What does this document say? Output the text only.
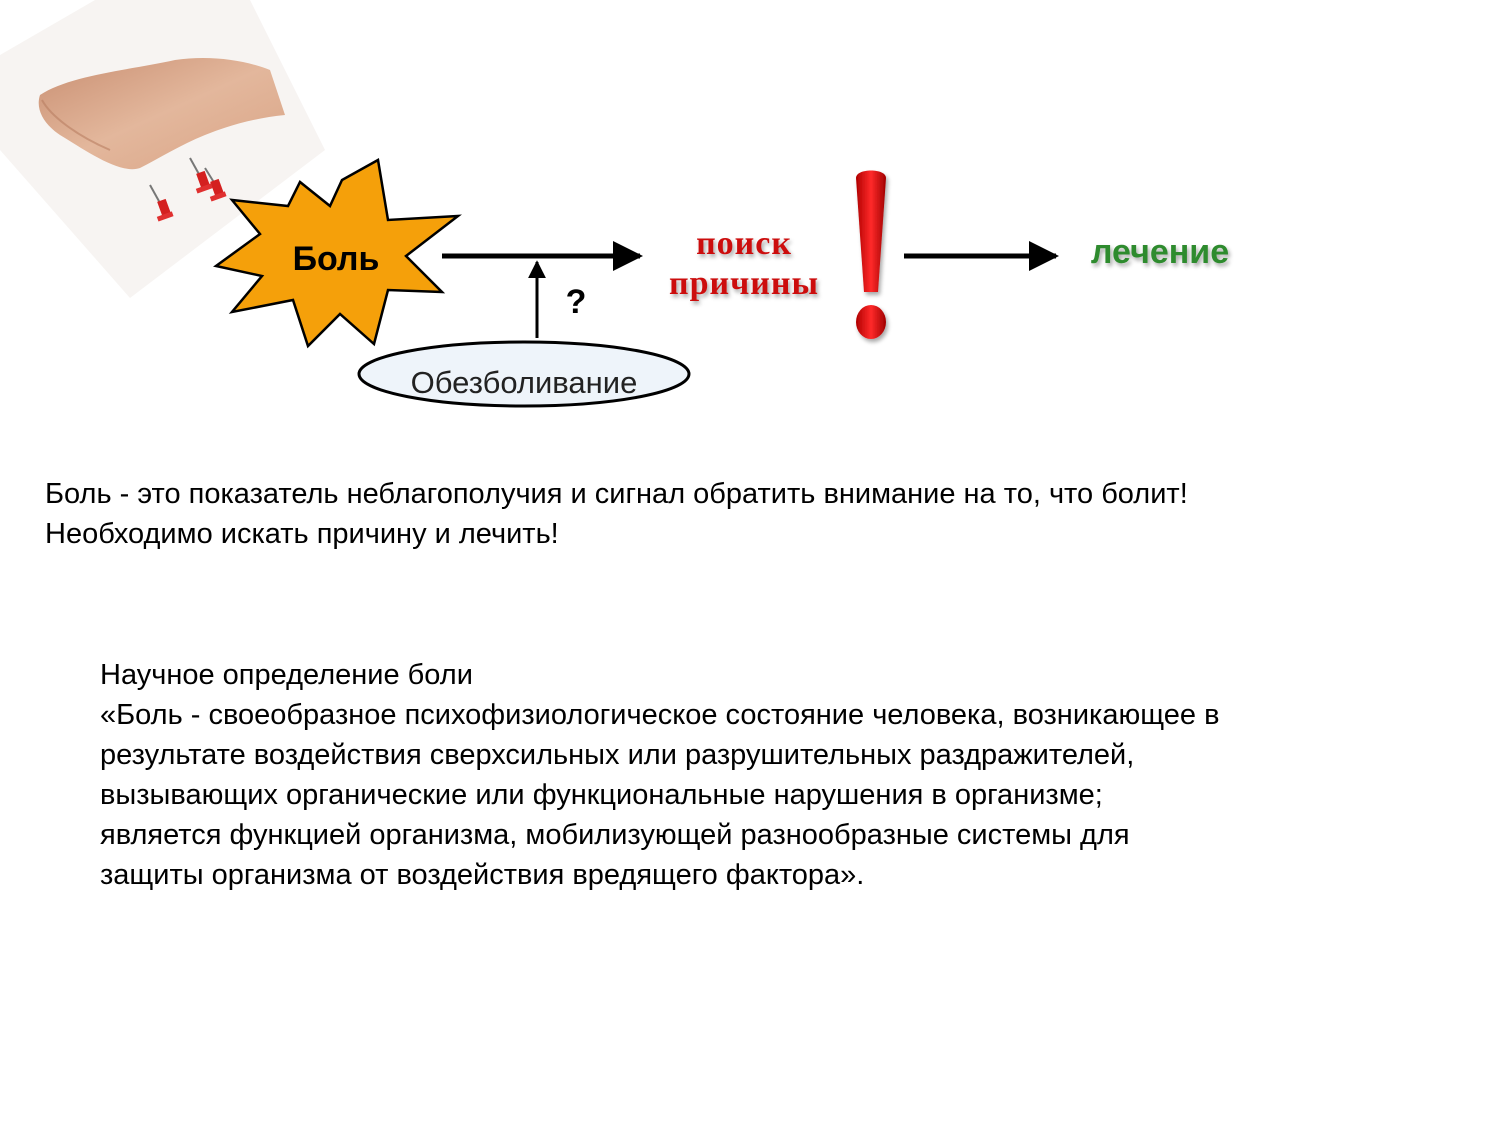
Боль
?
Обезболивание
поиск
причины
!
лечение

Боль - это показатель неблагополучия и сигнал обратить внимание на то, что болит!

Необходимо искать причину и лечить!

Научное определение боли

«Боль - своеобразное психофизиологическое состояние человека, возникающее в

результате воздействия сверхсильных или разрушительных раздражителей,

вызывающих органические или функциональные нарушения в организме;

является функцией организма, мобилизующей разнообразные системы для

защиты организма от воздействия вредящего фактора».
